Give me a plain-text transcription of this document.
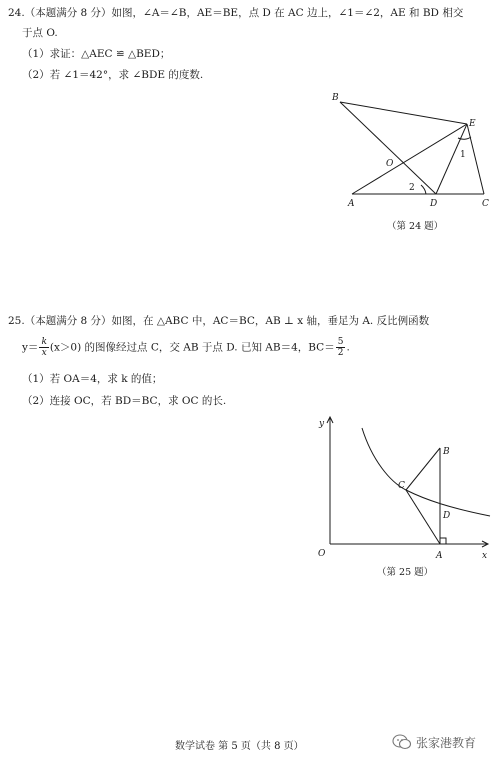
24.（本题满分 8 分）如图，∠A＝∠B，AE＝BE，点 D 在 AC 边上，∠1＝∠2，AE 和 BD 相交
于点 O.
（1）求证：△AEC ≌ △BED；
（2）若 ∠1＝42°，求 ∠BDE 的度数.
B
E
O
A	D	C
1
2
（第 24 题）
25.（本题满分 8 分）如图，在 △ABC 中，AC＝BC，AB ⊥ x 轴，垂足为 A. 反比例函数
$y= \frac{k}{x} (x>0)$ 的图像经过点 C，交 AB 于点 D. 已知 AB＝4，$BC= \frac{5}{2}$ .
（1）若 OA＝4，求 k 的值；
（2）连接 OC，若 BD＝BC，求 OC 的长.
y
x
O	A
B
C
D
（第 25 题）
数学试卷 第 5 页（共 8 页）	张家港教育
